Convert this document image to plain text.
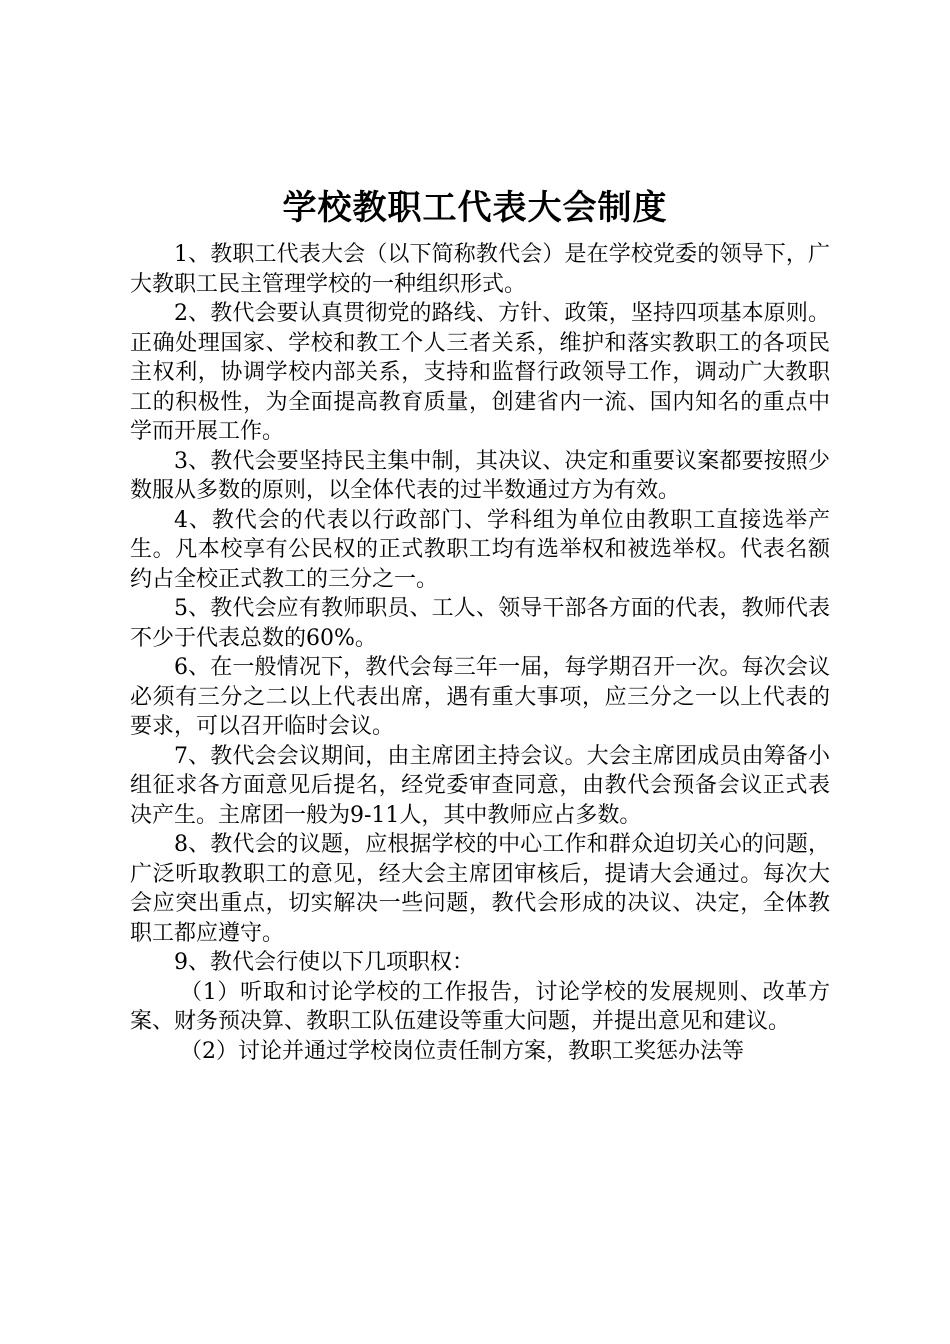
学校教职工代表大会制度

1、教职工代表大会（以下简称教代会）是在学校党委的领导下，广大教职工民主管理学校的一种组织形式。

2、教代会要认真贯彻党的路线、方针、政策，坚持四项基本原则。正确处理国家、学校和教工个人三者关系，维护和落实教职工的各项民主权利，协调学校内部关系，支持和监督行政领导工作，调动广大教职工的积极性，为全面提高教育质量，创建省内一流、国内知名的重点中学而开展工作。

3、教代会要坚持民主集中制，其决议、决定和重要议案都要按照少数服从多数的原则，以全体代表的过半数通过方为有效。

4、教代会的代表以行政部门、学科组为单位由教职工直接选举产生。凡本校享有公民权的正式教职工均有选举权和被选举权。代表名额约占全校正式教工的三分之一。

5、教代会应有教师职员、工人、领导干部各方面的代表，教师代表不少于代表总数的60%。

6、在一般情况下，教代会每三年一届，每学期召开一次。每次会议必须有三分之二以上代表出席，遇有重大事项，应三分之一以上代表的要求，可以召开临时会议。

7、教代会会议期间，由主席团主持会议。大会主席团成员由筹备小组征求各方面意见后提名，经党委审查同意，由教代会预备会议正式表决产生。主席团一般为9-11人，其中教师应占多数。

8、教代会的议题，应根据学校的中心工作和群众迫切关心的问题，广泛听取教职工的意见，经大会主席团审核后，提请大会通过。每次大会应突出重点，切实解决一些问题，教代会形成的决议、决定，全体教职工都应遵守。

9、教代会行使以下几项职权：

（1）听取和讨论学校的工作报告，讨论学校的发展规则、改革方案、财务预决算、教职工队伍建设等重大问题，并提出意见和建议。

（2）讨论并通过学校岗位责任制方案，教职工奖惩办法等
